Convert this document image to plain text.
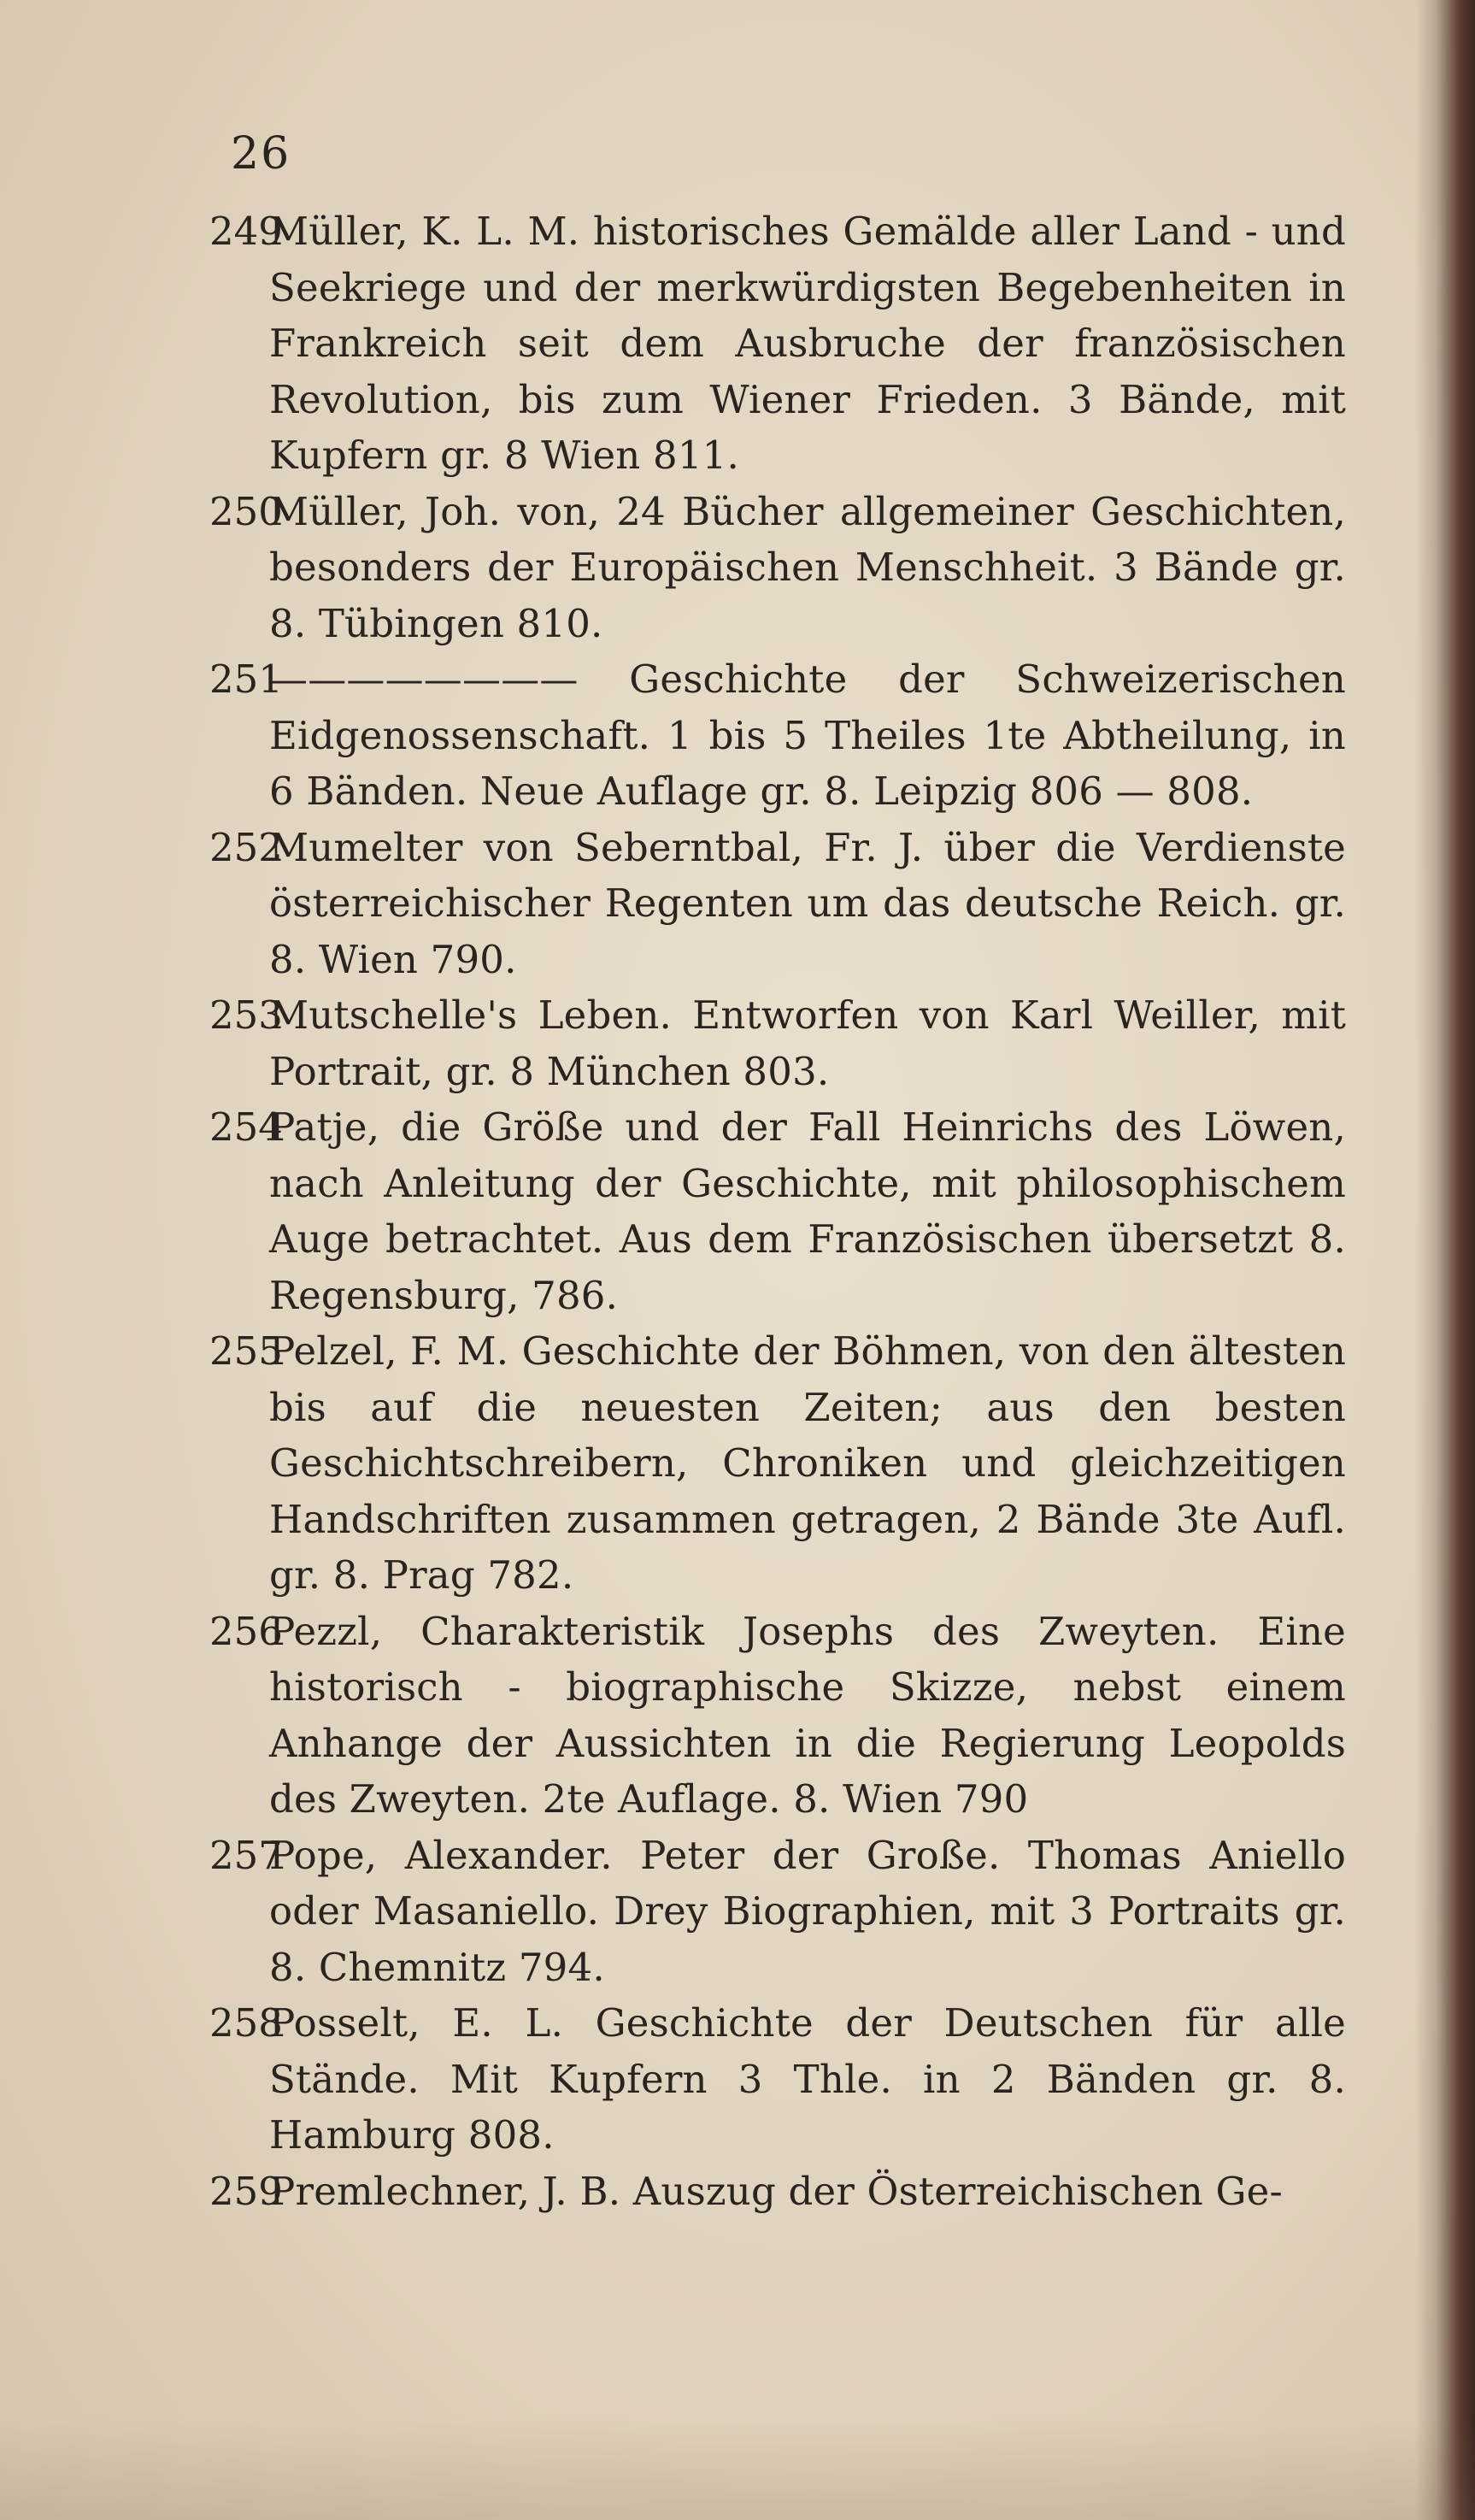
26
249
Müller, K. L. M. historisches Gemälde aller Land - und Seekriege und der merkwürdigsten Begebenheiten in Frankreich seit dem Ausbruche der französischen Revolution, bis zum Wiener Frieden. 3 Bände, mit Kupfern gr. 8 Wien 811.
250
Müller, Joh. von, 24 Bücher allgemeiner Geschichten, besonders der Europäischen Menschheit. 3 Bände gr. 8. Tübingen 810.
251
———————— Geschichte der Schweizerischen Eidgenossenschaft. 1 bis 5 Theiles 1te Abtheilung, in 6 Bänden. Neue Auflage gr. 8. Leipzig 806 — 808.
252
Mumelter von Seberntbal, Fr. J. über die Verdienste österreichischer Regenten um das deutsche Reich. gr. 8. Wien 790.
253
Mutschelle's Leben. Entworfen von Karl Weiller, mit Portrait, gr. 8 München 803.
254
Patje, die Größe und der Fall Heinrichs des Löwen, nach Anleitung der Geschichte, mit philosophischem Auge betrachtet. Aus dem Französischen übersetzt 8. Regensburg, 786.
255
Pelzel, F. M. Geschichte der Böhmen, von den ältesten bis auf die neuesten Zeiten; aus den besten Geschichtschreibern, Chroniken und gleichzeitigen Handschriften zusammen getragen, 2 Bände 3te Aufl. gr. 8. Prag 782.
256
Pezzl, Charakteristik Josephs des Zweyten. Eine historisch - biographische Skizze, nebst einem Anhange der Aussichten in die Regierung Leopolds des Zweyten. 2te Auflage. 8. Wien 790
257
Pope, Alexander. Peter der Große. Thomas Aniello oder Masaniello. Drey Biographien, mit 3 Portraits gr. 8. Chemnitz 794.
258
Posselt, E. L. Geschichte der Deutschen für alle Stände. Mit Kupfern 3 Thle. in 2 Bänden gr. 8. Hamburg 808.
259
Premlechner, J. B. Auszug der Österreichischen Ge-
